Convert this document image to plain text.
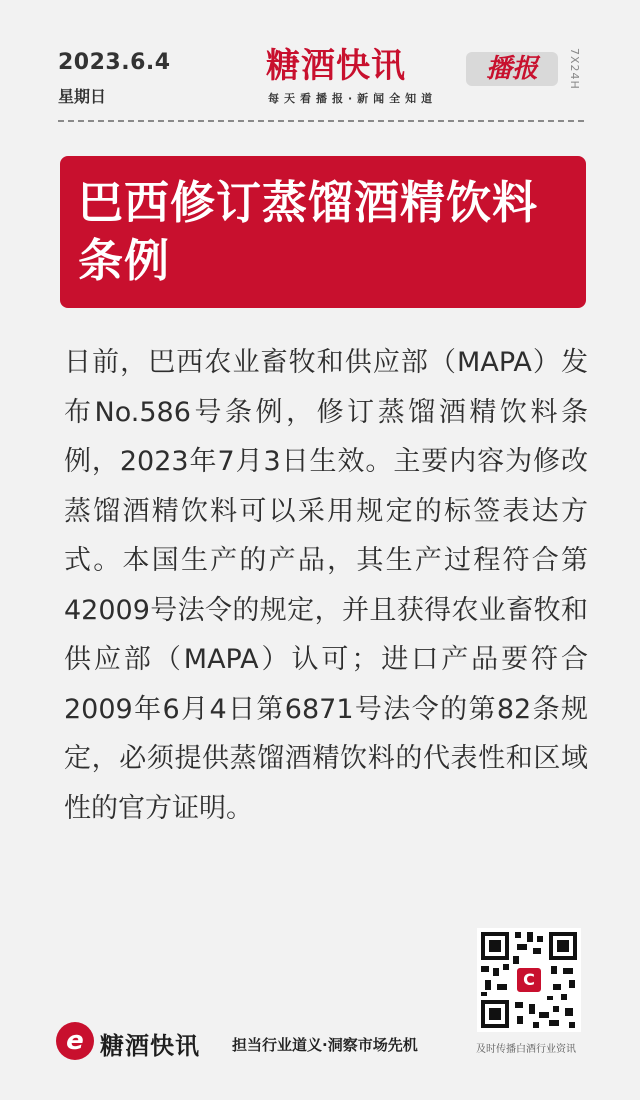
2023.6.4
星期日
糖酒快讯	播报
每天看播报·新闻全知道
7X24H

巴西修订蒸馏酒精饮料条例

日前，巴西农业畜牧和供应部（MAPA）发布No.586号条例，修订蒸馏酒精饮料条例，2023年7月3日生效。主要内容为修改蒸馏酒精饮料可以采用规定的标签表达方式。本国生产的产品，其生产过程符合第42009号法令的规定，并且获得农业畜牧和供应部（MAPA）认可；进口产品要符合2009年6月4日第6871号法令的第82条规定，必须提供蒸馏酒精饮料的代表性和区域性的官方证明。

C
e 糖酒快讯 担当行业道义·洞察市场先机	及时传播白酒行业资讯
